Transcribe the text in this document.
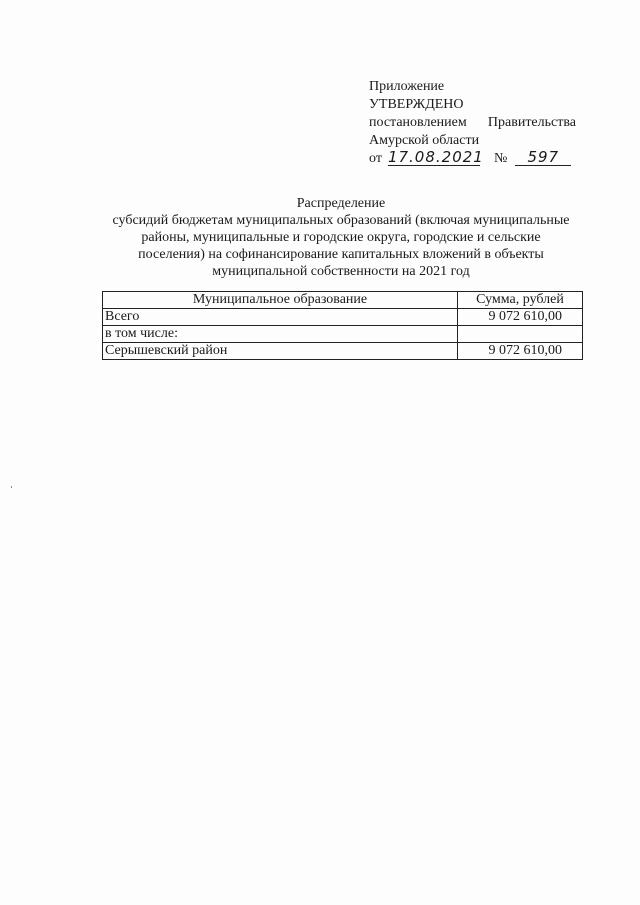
Приложение
УТВЕРЖДЕНО
постановлением Правительства
Амурской области
от 17.08.2021 №	597
Распределение
субсидий бюджетам муниципальных образований (включая муниципальные
районы, муниципальные и городские округа, городские и сельские
поселения) на софинансирование капитальных вложений в объекты
муниципальной собственности на 2021 год
Муниципальное образование	Сумма, рублей
Всего	9 072 610,00
в том числе:	
Серышевский район	9 072 610,00
